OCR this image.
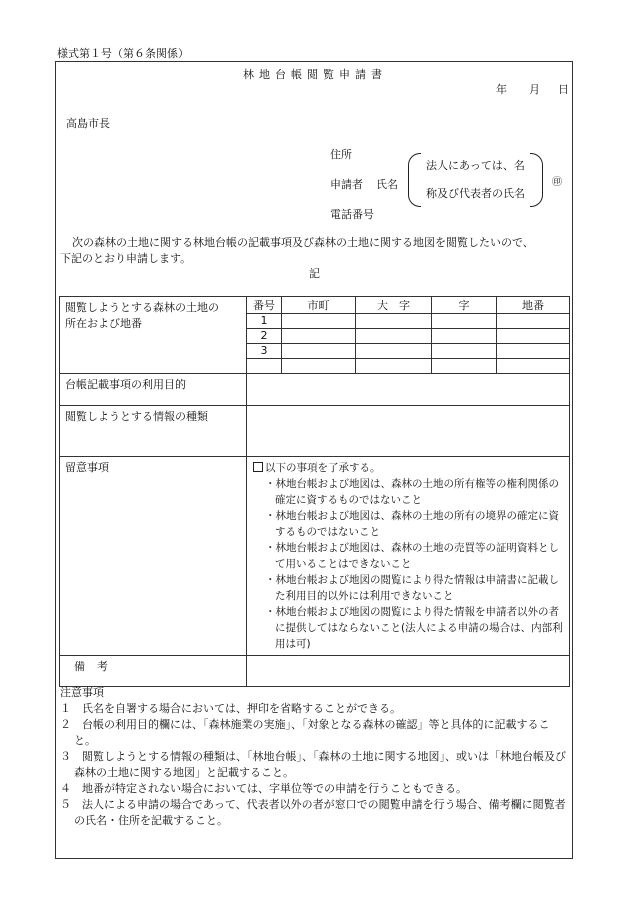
様式第１号（第６条関係）
林地台帳閲覧申請書
年 月 日
高島市長
住所
申請者 氏名
法人にあっては、名
称及び代表者の氏名
㊞
電話番号
次の森林の土地に関する林地台帳の記載事項及び森林の土地に関する地図を閲覧したいので、
下記のとおり申請します。
記
閲覧しようとする森林の土地の
所在および地番

番号	市町	大　字	字	地番
1				
2				
3				

台帳記載事項の利用目的	
閲覧しようとする情報の種類	
留意事項	以下の事項を了承する。
・林地台帳および地図は、森林の土地の所有権等の権利関係の確定に資するものではないこと
・林地台帳および地図は、森林の土地の所有の境界の確定に資するものではないこと
・林地台帳および地図は、森林の土地の売買等の証明資料として用いることはできないこと
・林地台帳および地図の閲覧により得た情報は申請書に記載した利用目的以外には利用できないこと
・林地台帳および地図の閲覧により得た情報を申請者以外の者に提供してはならないこと(法人による申請の場合は、内部利用は可)

備考	
注意事項
１　氏名を自署する場合においては、押印を省略することができる。
２　台帳の利用目的欄には、「森林施業の実施」、「対象となる森林の確認」等と具体的に記載すること。
３　閲覧しようとする情報の種類は、「林地台帳」、「森林の土地に関する地図」、或いは「林地台帳及び森林の土地に関する地図」と記載すること。
４　地番が特定されない場合においては、字単位等での申請を行うこともできる。
５　法人による申請の場合であって、代表者以外の者が窓口での閲覧申請を行う場合、備考欄に閲覧者の氏名・住所を記載すること。
